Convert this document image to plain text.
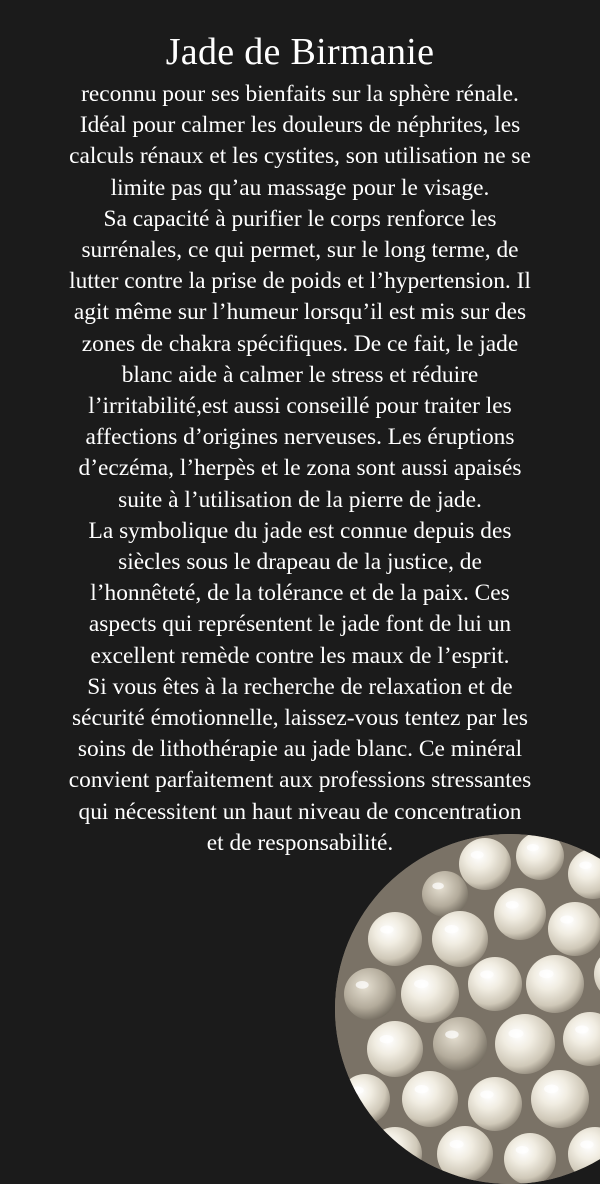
Jade de Birmanie
reconnu pour ses bienfaits sur la sphère rénale.
Idéal pour calmer les douleurs de néphrites, les
calculs rénaux et les cystites, son utilisation ne se
limite pas qu’au massage pour le visage.
Sa capacité à purifier le corps renforce les
surrénales, ce qui permet, sur le long terme, de
lutter contre la prise de poids et l’hypertension. Il
agit même sur l’humeur lorsqu’il est mis sur des
zones de chakra spécifiques. De ce fait, le jade
blanc aide à calmer le stress et réduire
l’irritabilité,est aussi conseillé pour traiter les
affections d’origines nerveuses. Les éruptions
d’eczéma, l’herpès et le zona sont aussi apaisés
suite à l’utilisation de la pierre de jade.
La symbolique du jade est connue depuis des
siècles sous le drapeau de la justice, de
l’honnêteté, de la tolérance et de la paix. Ces
aspects qui représentent le jade font de lui un
excellent remède contre les maux de l’esprit.
Si vous êtes à la recherche de relaxation et de
sécurité émotionnelle, laissez-vous tentez par les
soins de lithothérapie au jade blanc. Ce minéral
convient parfaitement aux professions stressantes
qui nécessitent un haut niveau de concentration
et de responsabilité.
